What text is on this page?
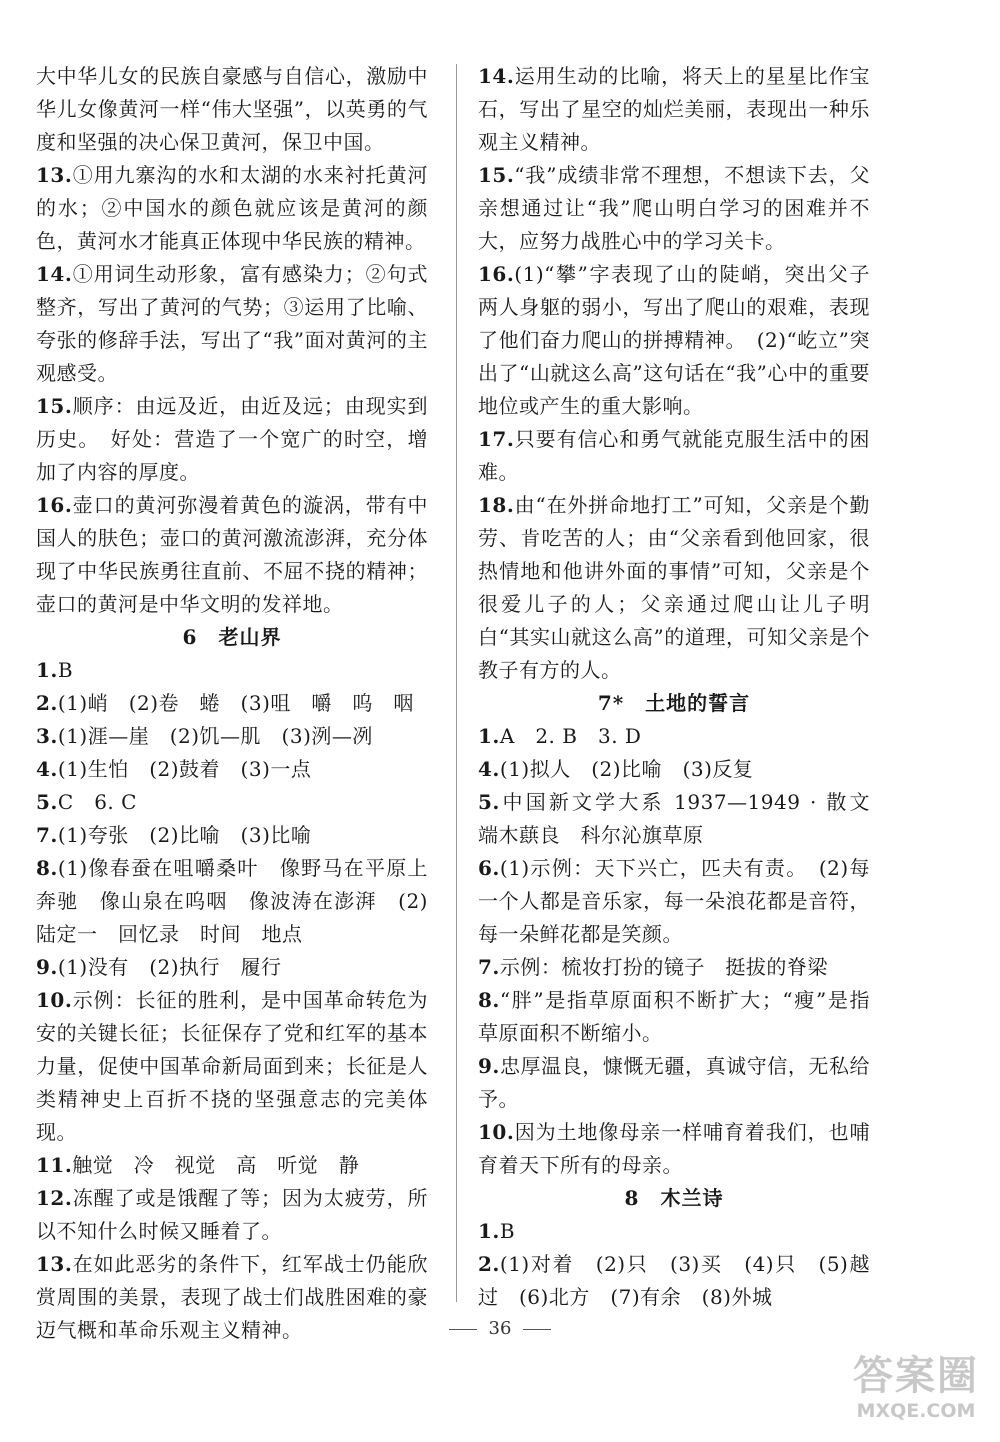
大中华儿女的民族自豪感与自信心，激励中华儿女像黄河一样“伟大坚强”，以英勇的气度和坚强的决心保卫黄河，保卫中国。

13.①用九寨沟的水和太湖的水来衬托黄河的水；②中国水的颜色就应该是黄河的颜色，黄河水才能真正体现中华民族的精神。

14.①用词生动形象，富有感染力；②句式整齐，写出了黄河的气势；③运用了比喻、夸张的修辞手法，写出了“我”面对黄河的主观感受。

15.顺序：由远及近，由近及远；由现实到历史。　好处：营造了一个宽广的时空，增加了内容的厚度。

16.壶口的黄河弥漫着黄色的漩涡，带有中国人的肤色；壶口的黄河激流澎湃，充分体现了中华民族勇往直前、不屈不挠的精神；壶口的黄河是中华文明的发祥地。

6　老山界

1.B

2.(1)峭　(2)卷　蜷　(3)咀　嚼　呜　咽

3.(1)涯—崖　(2)饥—肌　(3)洌—冽

4.(1)生怕　(2)鼓着　(3)一点

5.C　6. C

7.(1)夸张　(2)比喻　(3)比喻

8.(1)像春蚕在咀嚼桑叶　像野马在平原上奔驰　像山泉在呜咽　像波涛在澎湃　(2)陆定一　回忆录　时间　地点

9.(1)没有　(2)执行　履行

10.示例：长征的胜利，是中国革命转危为安的关键长征；长征保存了党和红军的基本力量，促使中国革命新局面到来；长征是人类精神史上百折不挠的坚强意志的完美体现。

11.触觉　冷　视觉　高　听觉　静

12.冻醒了或是饿醒了等；因为太疲劳，所以不知什么时候又睡着了。

13.在如此恶劣的条件下，红军战士仍能欣赏周围的美景，表现了战士们战胜困难的豪迈气概和革命乐观主义精神。

14.运用生动的比喻，将天上的星星比作宝石，写出了星空的灿烂美丽，表现出一种乐观主义精神。

15.“我”成绩非常不理想，不想读下去，父亲想通过让“我”爬山明白学习的困难并不大，应努力战胜心中的学习关卡。

16.(1)“攀”字表现了山的陡峭，突出父子两人身躯的弱小，写出了爬山的艰难，表现了他们奋力爬山的拼搏精神。　(2)“屹立”突出了“山就这么高”这句话在“我”心中的重要地位或产生的重大影响。

17.只要有信心和勇气就能克服生活中的困难。

18.由“在外拼命地打工”可知，父亲是个勤劳、肯吃苦的人；由“父亲看到他回家，很热情地和他讲外面的事情”可知，父亲是个很爱儿子的人；父亲通过爬山让儿子明白“其实山就这么高”的道理，可知父亲是个教子有方的人。

7*　土地的誓言

1.A　2. B　3. D

4.(1)拟人　(2)比喻　(3)反复

5.中国新文学大系 1937—1949 · 散文　端木蕻良　科尔沁旗草原

6.(1)示例：天下兴亡，匹夫有责。　(2)每一个人都是音乐家，每一朵浪花都是音符，每一朵鲜花都是笑颜。

7.示例：梳妆打扮的镜子　挺拔的脊梁

8.“胖”是指草原面积不断扩大；“瘦”是指草原面积不断缩小。

9.忠厚温良，慷慨无疆，真诚守信，无私给予。

10.因为土地像母亲一样哺育着我们，也哺育着天下所有的母亲。

8　木兰诗

1.B

2.(1)对着　(2)只　(3)买　(4)只　(5)越过　(6)北方　(7)有余　(8)外城

36
答案圈
MXQE.COM
